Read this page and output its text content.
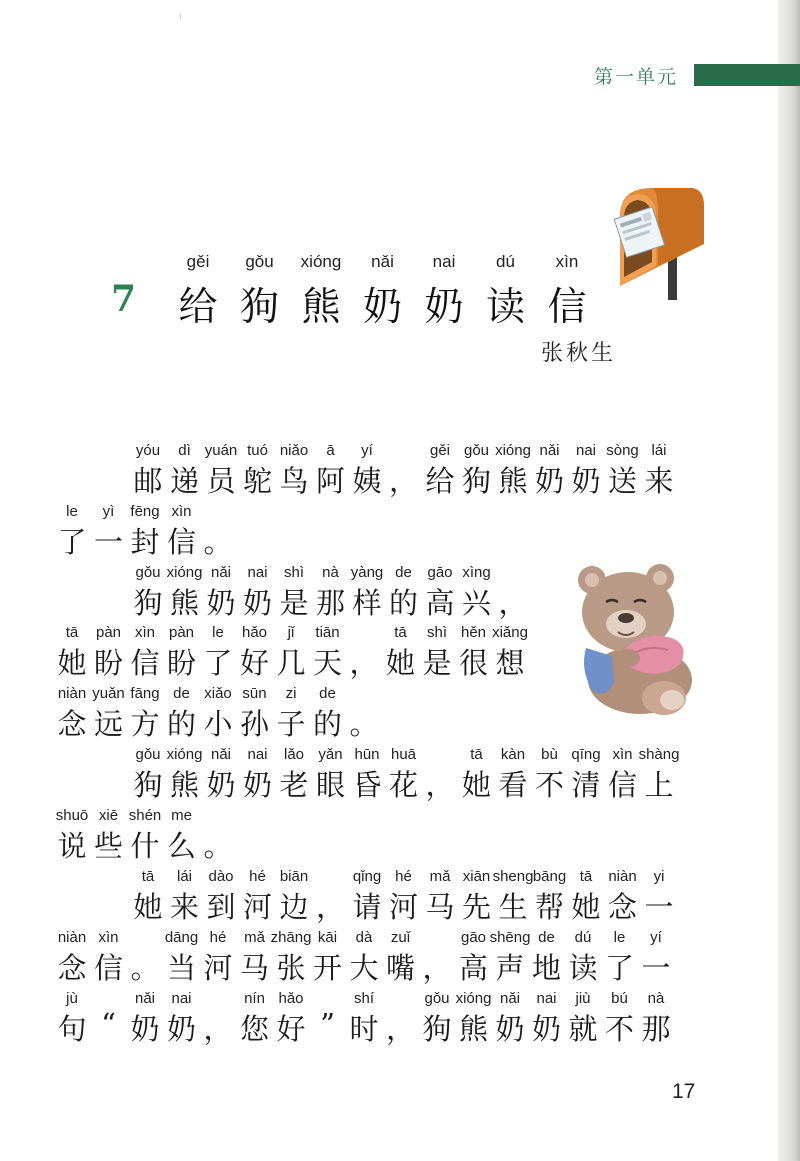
第一单元
7
gěi
给
gǒu
狗
xióng
熊
nǎi
奶
nai
奶
dú
读
xìn
信
张秋生
yóu
邮
dì
递
yuán
员
tuó
鸵
niǎo
鸟
ā
阿
yí
姨 ，
gěi
给
gǒu
狗
xióng
熊
nǎi
奶
nai
奶
sòng
送
lái
来
le
了
yì
一
fēng
封
xìn
信 。
gǒu
狗
xióng
熊
nǎi
奶
nai
奶
shì
是
nà
那
yàng
样
de
的
gāo
高
xìng
兴 ，
tā
她
pàn
盼
xìn
信
pàn
盼
le
了
hǎo
好
jǐ
几
tiān
天 ，
tā
她
shì
是
hěn
很
xiǎng
想
niàn
念
yuǎn
远
fāng
方
de
的
xiǎo
小
sūn
孙
zi
子
de
的 。
gǒu
狗
xióng
熊
nǎi
奶
nai
奶
lǎo
老
yǎn
眼
hūn
昏
huā
花 ，
tā
她
kàn
看
bù
不
qīng
清
xìn
信
shàng
上
shuō
说
xiē
些
shén
什
me
么 。
tā
她
lái
来
dào
到
hé
河
biān
边 ，
qǐng
请
hé
河
mǎ
马
xiān
先
sheng
生
bāng
帮
tā
她
niàn
念
yi
一
niàn
念
xìn
信 。
dāng
当
hé
河
mǎ
马
zhāng
张
kāi
开
dà
大
zuǐ
嘴 ，
gāo
高
shēng
声
de
地
dú
读
le
了
yí
一
jù
句 “
nǎi
奶
nai
奶 ，
nín
您
hǎo
好 ”
shí
时 ，
gǒu
狗
xióng
熊
nǎi
奶
nai
奶
jiù
就
bú
不
nà
那
17
